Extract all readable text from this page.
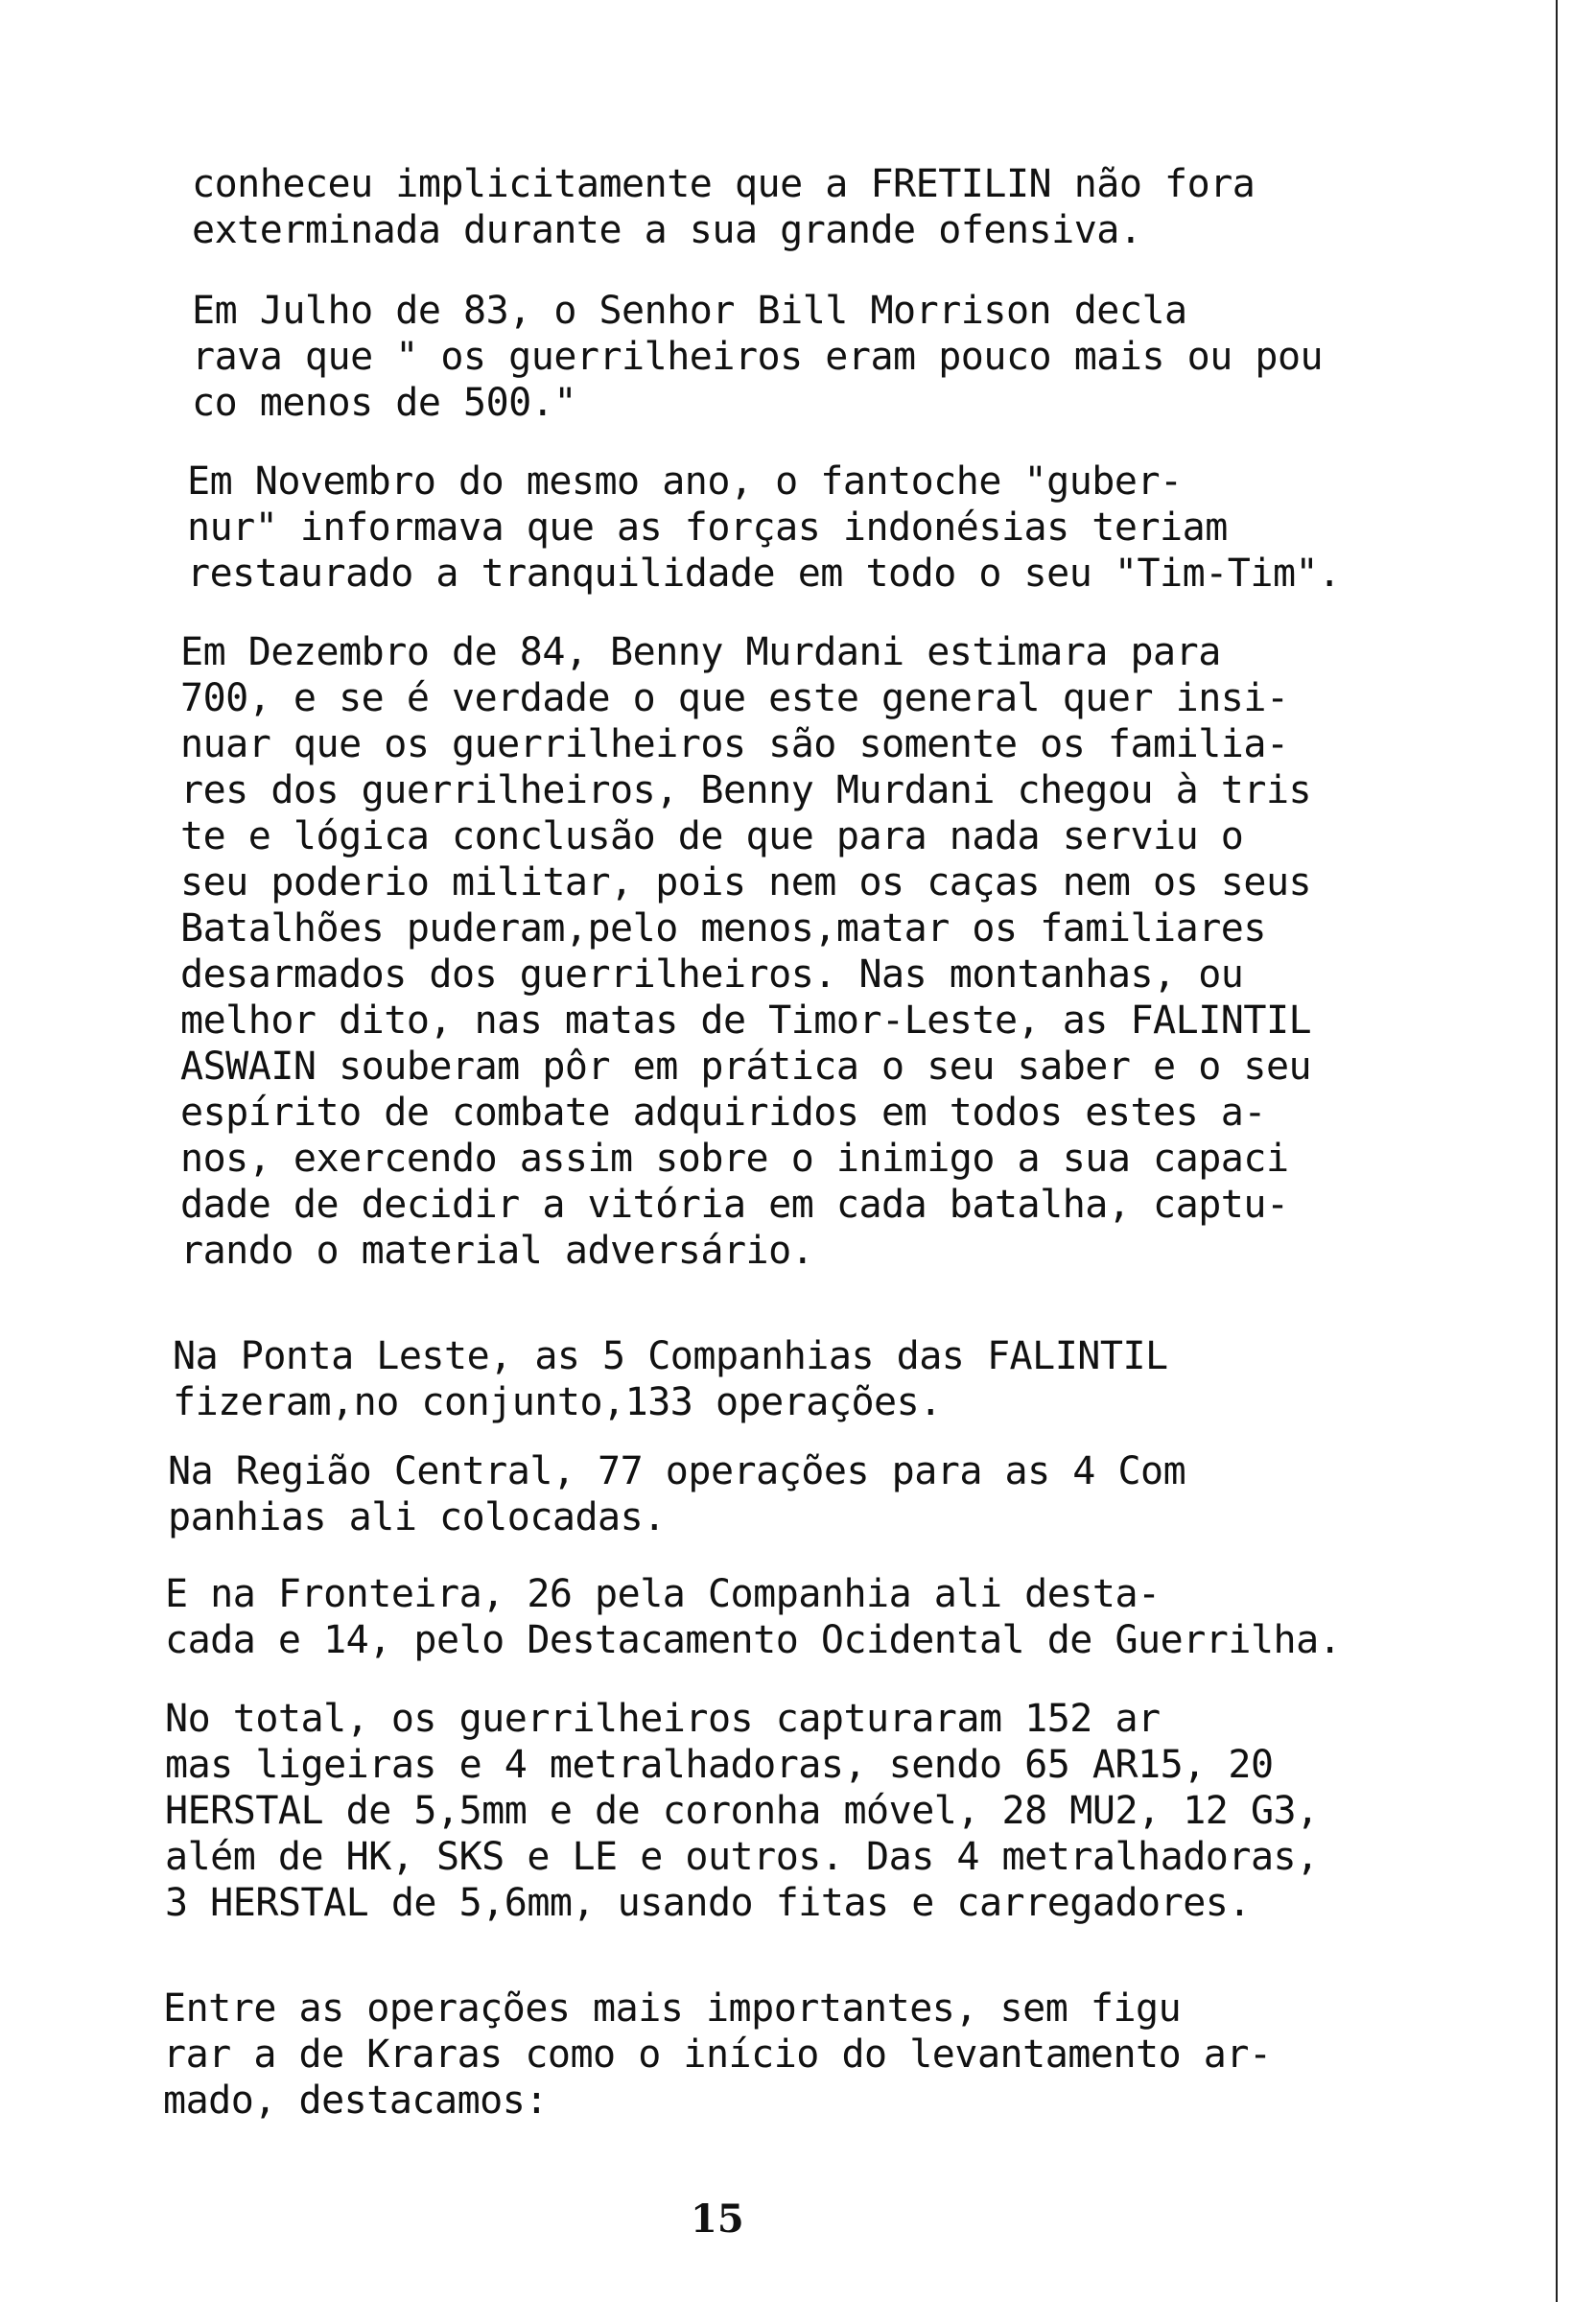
conheceu implicitamente que a FRETILIN não fora
exterminada durante a sua grande ofensiva.

Em Julho de 83, o Senhor Bill Morrison decla
rava que " os guerrilheiros eram pouco mais ou pou
co menos de 500."

Em Novembro do mesmo ano, o fantoche "guber-
nur" informava que as forças indonésias teriam
restaurado a tranquilidade em todo o seu "Tim-Tim".

Em Dezembro de 84, Benny Murdani estimara para
700, e se é verdade o que este general quer insi-
nuar que os guerrilheiros são somente os familia-
res dos guerrilheiros, Benny Murdani chegou à tris
te e lógica conclusão de que para nada serviu o
seu poderio militar, pois nem os caças nem os seus
Batalhões puderam,pelo menos,matar os familiares
desarmados dos guerrilheiros. Nas montanhas, ou
melhor dito, nas matas de Timor-Leste, as FALINTIL
ASWAIN souberam pôr em prática o seu saber e o seu
espírito de combate adquiridos em todos estes a-
nos, exercendo assim sobre o inimigo a sua capaci
dade de decidir a vitória em cada batalha, captu-
rando o material adversário.

Na Ponta Leste, as 5 Companhias das FALINTIL
fizeram,no conjunto,133 operações.

Na Região Central, 77 operações para as 4 Com
panhias ali colocadas.

E na Fronteira, 26 pela Companhia ali desta-
cada e 14, pelo Destacamento Ocidental de Guerrilha.

No total, os guerrilheiros capturaram 152 ar
mas ligeiras e 4 metralhadoras, sendo 65 AR15, 20
HERSTAL de 5,5mm e de coronha móvel, 28 MU2, 12 G3,
além de HK, SKS e LE e outros. Das 4 metralhadoras,
3 HERSTAL de 5,6mm, usando fitas e carregadores.

Entre as operações mais importantes, sem figu
rar a de Kraras como o início do levantamento ar-
mado, destacamos:

15
